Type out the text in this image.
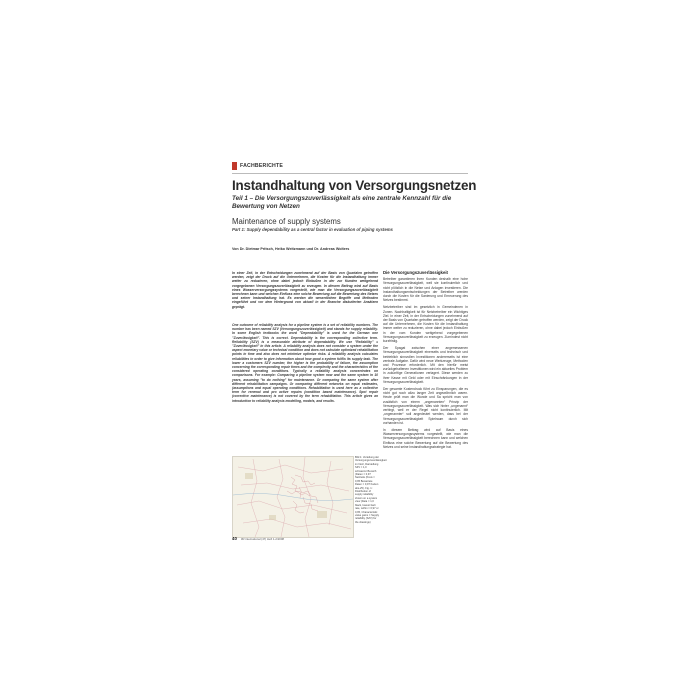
FACHBERICHTE
Instandhaltung von Versorgungsnetzen
Teil 1 – Die Versorgungszuverlässigkeit als eine zentrale Kennzahl für die Bewertung von Netzen
Maintenance of supply systems
Part 1: Supply dependability as a central factor in evaluation of piping systems
Von Dr. Dietmar Pritsch, Heiko Weitzmann und Dr. Andreas Wolters
In einer Zeit, in der Entscheidungen zunehmend auf der Basis von Quartalen getroffen werden, zeigt der Druck auf die Unternehmen, die Kosten für die Instandhaltung immer weiter zu reduzieren, ohne dabei jedoch Einbußen in der zur Kunden weitgehend vorgegebenen Versorgungszuverlässigkeit zu erzeugen. In diesem Beitrag wird auf Basis eines Wasserversorgungssystems vorgestellt, wie man die Versorgungszuverlässigkeit berechnen kann und welchen Einfluss eine solche Bewertung auf die Bewertung des Netzes und seiner Instandhaltung hat. Es werden die wesentlichen Begriffe und Methoden eingeführt und vor dem Hintergrund von aktuell in der Branche diskutierten Ansätzen geprägt.
One outcome of reliability analysis for a pipeline system is a set of reliability numbers. The number has been named SZV (Versorgungszuverlässigkeit) and stands for supply reliability. In some English textbooks the word "Dependability" is used for the German one "Zuverlässigkeit". This is correct. Dependability is the corresponding collective term. Reliability (SZV) is a measurable attribute of dependability. We use "Reliability" = "Zuverlässigkeit" in this article. A reliability analysis does not consider a system under the aspect monetary value or technical condition and does not calculate optimized rehabilitation points in time and also does not minimize optimize risks. A reliability analysis calculates reliabilities in order to give information about how good a system fulfils its supply task. The lower a customers SZV number, the higher is the probability of failure, the assumption concerning the corresponding repair times and the complexity and the characteristics of the considered operating conditions. Typically a reliability analysis concentrates on comparisons. For example: Comparing a pipeline system now and the same system in 10 years, assuming "to do nothing" for maintenance. Or comparing the same system after different rehabilitation campaigns. Or comparing different networks on equal estimates, (assumptions and equal operating conditions. Rehabilitation is used here as a collective term for renewal and pro active repairs (condition based maintenance). Spot repair (corrective maintenance) is not covered by the term rehabilitation. This article gives an introduction to reliability analysis modelling, models, and results.
Die Versorgungszuverlässigkeit

Betreiber garantieren ihren Kunden deshalb eine hohe Versorgungszuverlässigkeit, weil sie kontinuierlich und nicht plötzlich in die Netze und Anlagen investieren. Die Instandhaltungsentscheidungen der Betreiber werden durch die Kosten für die Sanierung und Erneuerung des Netzes bestimmt.

Netzbetreiber sind im gesetzlich in Gemeindenen in Zonen. Nachhaltigkeit ist für Netzbetreiber ein Wichtiges Ziel. In einer Zeit, in der Entscheidungen zunehmend auf der Basis von Quartalen getroffen werden, zeigt der Druck auf die Unternehmen, die Kosten für die Instandhaltung immer weiter zu reduzieren, ohne dabei jedoch Einbußen in der vom Kunden weitgehend vorgegebenen Versorgungszuverlässigkeit zu erzeugen. Zumindest nicht kurzfristig.

Der Spagat zwischen einer angemessenen Versorgungszuverlässigkeit einerseits und technisch und betrieblich sinnvollen Investitionen andererseits ist eine zentrale Aufgabe. Dafür wird neue Werkzeuge, Methoden und Prozesse erforderlich. Mit den hierfür meist zurückgehaltenen Investitionen wird ein aktuelles Problem in zukünftige Generationen verlagert. Diese werden zu ihrer Kasse mit Geld oder mit Einschränkungen in der Versorgungszuverlässigkeit.

Der gesamte Kostendruck führt zu Einsparungen, die es nicht gut noch allzu langer Zeit ungewöhnlich waren. Heute prüft man die Wunde und Sa spricht man von zusätzlich von einem „ungenannten“ Prinzip der Versorgungszuverlässigkeit. Was sich hinter „ungenannt“ verbirgt, weil er der Regel nicht kontinuierlich. Mit „ungenannter“ soll angedeutet werden, dass bei der Versorgungszuverlässigkeit Spielraum durch sich vorhanden ist.

In diesem Beitrag wird auf Basis eines Wasserversorgungssystems vorgestellt, wie man die Versorgungszuverlässigkeit berechnen kann und welchen Einfluss eine solche Bewertung auf die Bewertung des Netzes und seine Instandhaltungsstrategie hat.

Bild 1: Verteilung der Versorgungszuverlässigkeit im Netz, Darstellung SZV = 1,0 schwarzer Bereich (Daten = 0,97 Netzteile (Kreis = 0,95 Bewertete Daten = 0,97 Karten abs-25). Fig. 1: Distribution of supply reliability shown on a system view (Data = 1,0 black, lowest fault rate, within = 0,97 or 0,95, Characteristic value gains = Supply reliability (SZV) for the drawings)
40 3R international (47) Heft 1-2/2008
